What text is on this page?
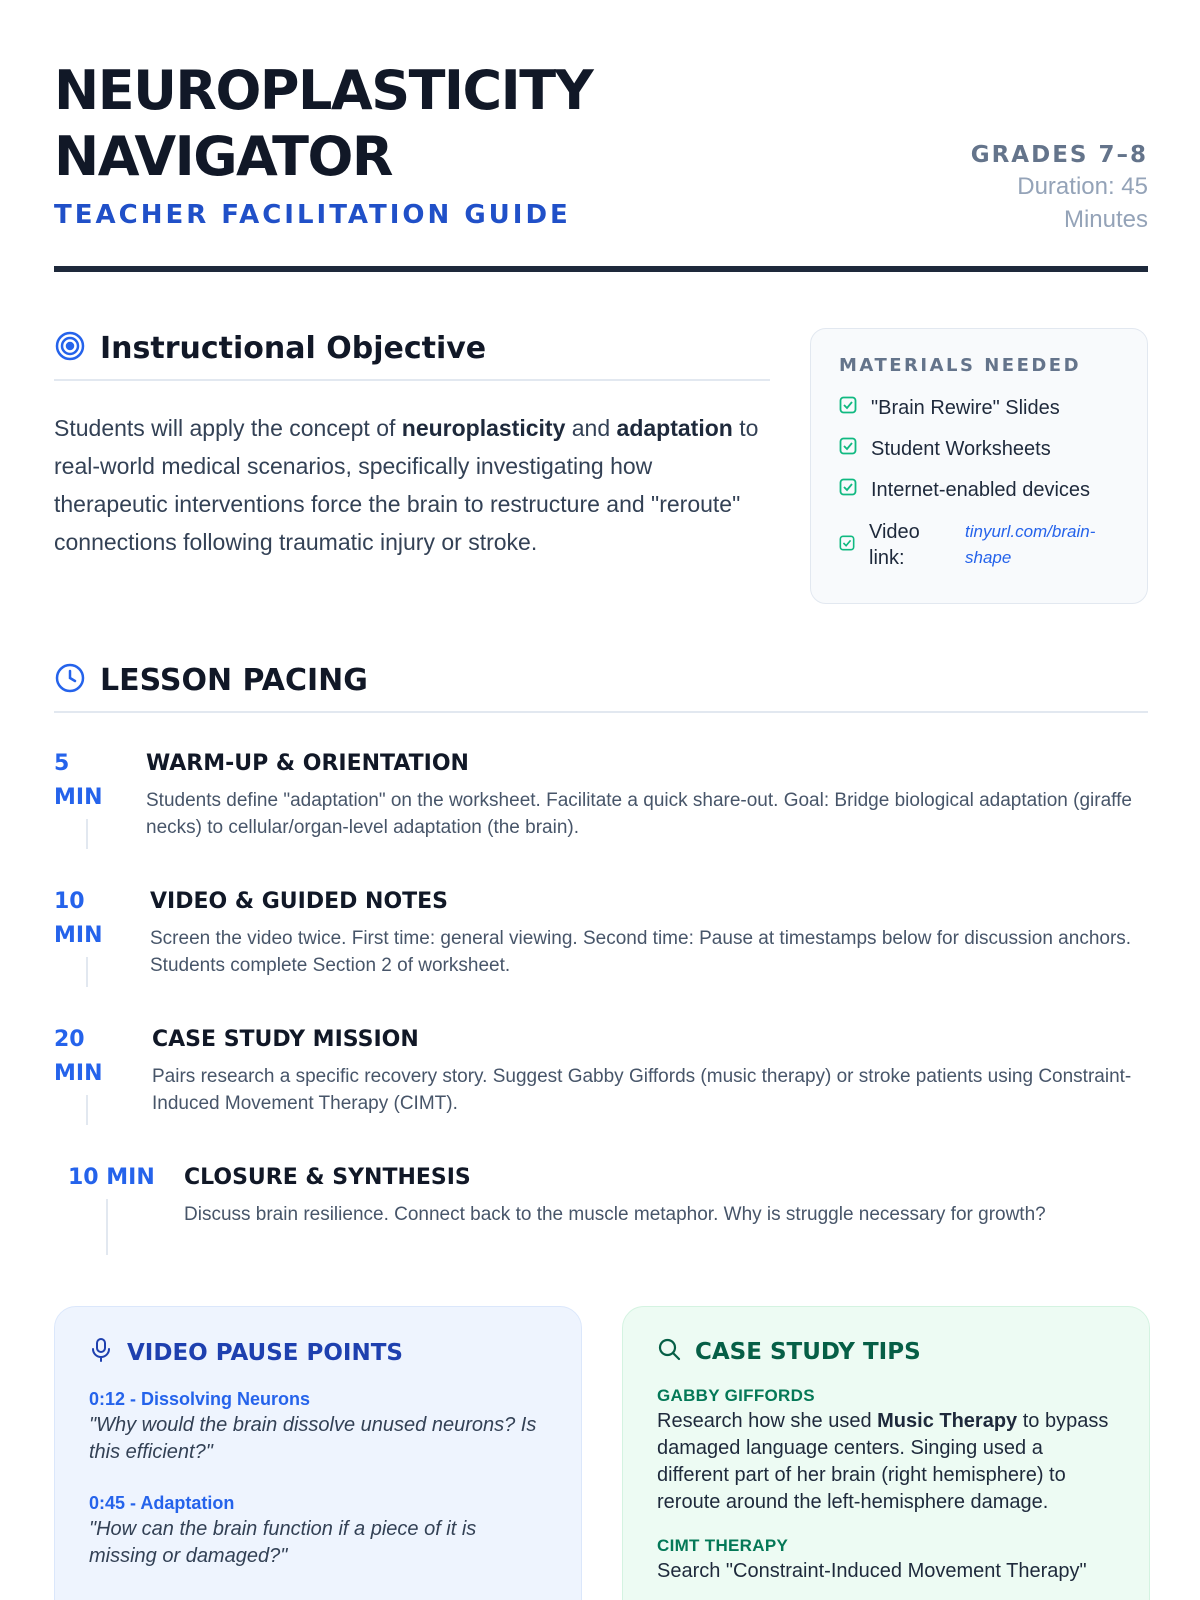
NEUROPLASTICITY NAVIGATOR
TEACHER FACILITATION GUIDE
GRADES 7–8
Duration: 45 Minutes
Instructional Objective

Students will apply the concept of neuroplasticity and adaptation to real-world medical scenarios, specifically investigating how therapeutic interventions force the brain to restructure and "reroute" connections following traumatic injury or stroke.

MATERIALS NEEDED
"Brain Rewire" Slides
Student Worksheets
Internet-enabled devices
Video link:
tinyurl.com/brain-shape
LESSON PACING
5 MIN
WARM-UP & ORIENTATION

Students define "adaptation" on the worksheet. Facilitate a quick share-out. Goal: Bridge biological adaptation (giraffe necks) to cellular/organ-level adaptation (the brain).

10 MIN
VIDEO & GUIDED NOTES

Screen the video twice. First time: general viewing. Second time: Pause at timestamps below for discussion anchors. Students complete Section 2 of worksheet.

20 MIN
CASE STUDY MISSION

Pairs research a specific recovery story. Suggest Gabby Giffords (music therapy) or stroke patients using Constraint-Induced Movement Therapy (CIMT).

10 MIN CLOSURE & SYNTHESIS

Discuss brain resilience. Connect back to the muscle metaphor. Why is struggle necessary for growth?

VIDEO PAUSE POINTS
0:12 - Dissolving Neurons
"Why would the brain dissolve unused neurons? Is this efficient?"
0:45 - Adaptation
"How can the brain function if a piece of it is missing or damaged?"
CASE STUDY TIPS
GABBY GIFFORDS
Research how she used Music Therapy to bypass damaged language centers. Singing used a different part of her brain (right hemisphere) to reroute around the left-hemisphere damage.
CIMT THERAPY
Search "Constraint-Induced Movement Therapy"
